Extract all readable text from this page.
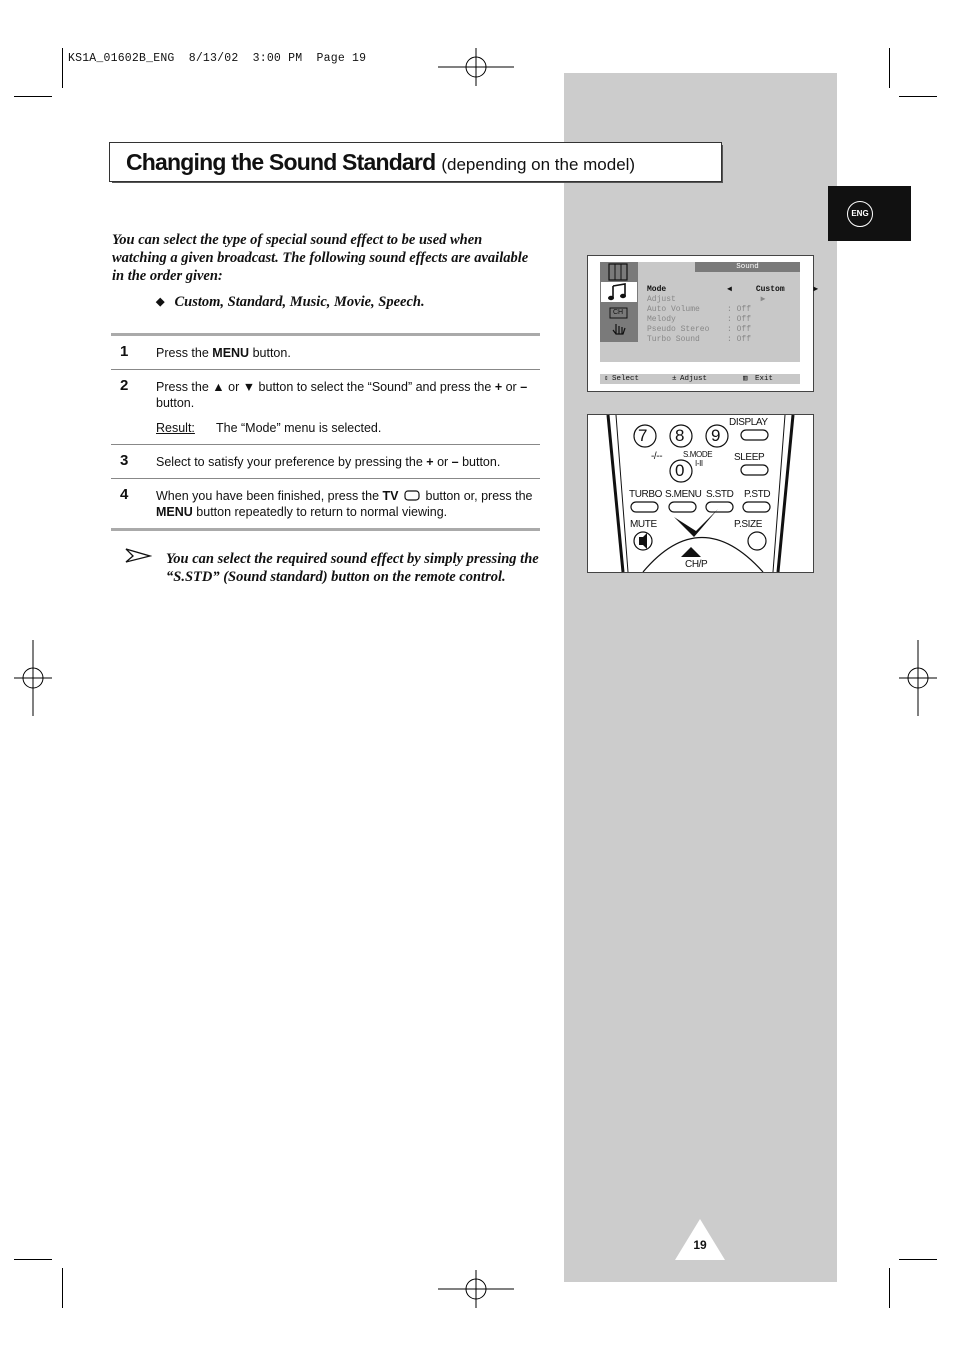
KS1A_01602B_ENG  8/13/02  3:00 PM  Page 19
Changing the Sound Standard (depending on the model)
ENG
You can select the type of special sound effect to be used when watching a given broadcast. The following sound effects are available in the order given:
◆ Custom, Standard, Music, Movie, Speech.
1 Press the MENU button.
2 Press the ▲ or ▼ button to select the “Sound” and press the + or – button.
Result:	The “Mode” menu is selected.
3 Select to satisfy your preference by pressing the + or – button.
4 When you have been finished, press the TV  button or, press the MENU button repeatedly to return to normal viewing.
You can select the required sound effect by simply pressing the “S.STD” (Sound standard) button on the remote control.
CH
Sound
Mode	◀     Custom      ▶
Adjust	▶
Auto Volume	: Off
Melody	: Off
Pseudo Stereo	: Off
Turbo Sound	: Off
⇕ Select	± Adjust	▥ Exit
7 8 9
0
-/--	S.MODE
I-II
DISPLAY
SLEEP
TURBO S.MENU S.STD P.STD
MUTE	P.SIZE
CH/P
19
